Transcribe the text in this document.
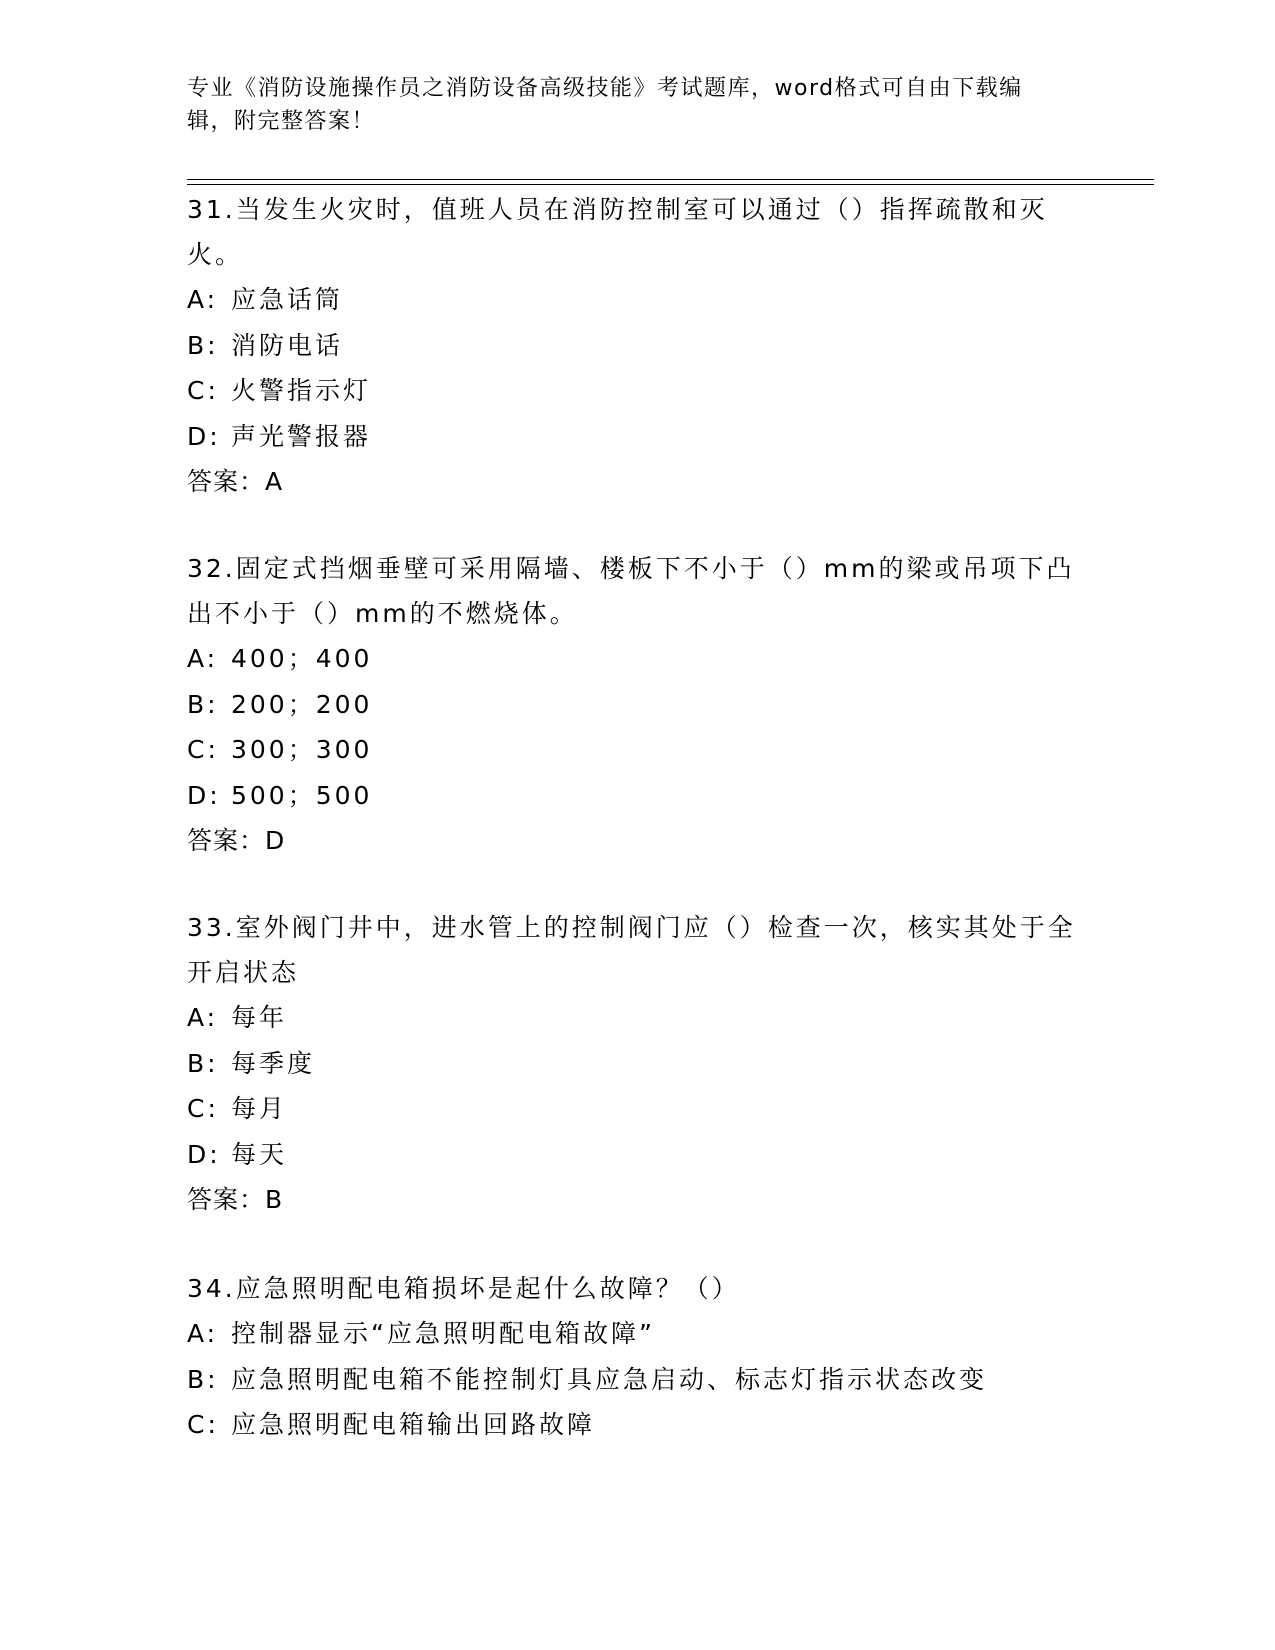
专业《消防设施操作员之消防设备高级技能》考试题库，word格式可自由下载编辑，附完整答案！

31.当发生火灾时，值班人员在消防控制室可以通过（）指挥疏散和灭火。

A: 应急话筒

B: 消防电话

C: 火警指示灯

D: 声光警报器

答案：A

32.固定式挡烟垂壁可采用隔墙、楼板下不小于（）mm的梁或吊项下凸出不小于（）mm的不燃烧体。

A: 400；400

B: 200；200

C: 300；300

D: 500；500

答案：D

33.室外阀门井中，进水管上的控制阀门应（）检查一次，核实其处于全开启状态

A: 每年

B: 每季度

C: 每月

D: 每天

答案：B

34.应急照明配电箱损坏是起什么故障？（）

A: 控制器显示“应急照明配电箱故障”

B: 应急照明配电箱不能控制灯具应急启动、标志灯指示状态改变

C: 应急照明配电箱输出回路故障
